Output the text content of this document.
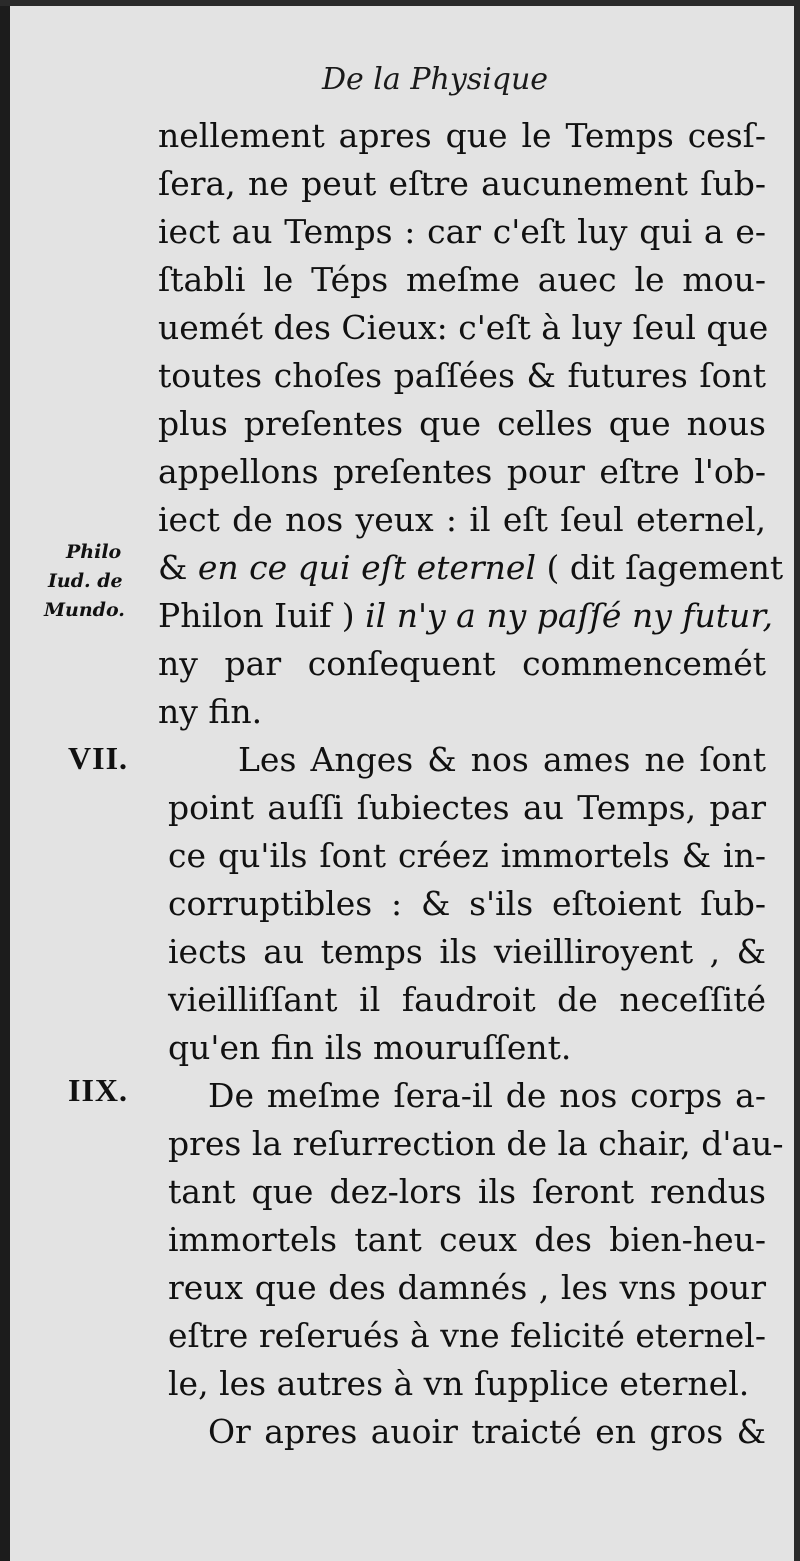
De la Physique
nellement apres que le Temps cesſ-
ſera, ne peut eſtre aucunement ſub-
iect au Temps : car c'eſt luy qui a e-
ſtabli le Téps meſme auec le mou-
uemét des Cieux: c'eſt à luy ſeul que
toutes choſes paſſées & futures ſont
plus preſentes que celles que nous
appellons preſentes pour eſtre l'ob-
iect de nos yeux : il eſt ſeul eternel,
& en ce qui eſt eternel ( dit ſagement
Philon Iuif ) il n'y a ny paſſé ny futur,
ny par conſequent commencemét
ny fin.
Philo
Iud. de
Mundo.
VII.	Les Anges & nos ames ne ſont
point auſſi ſubiectes au Temps, par
ce qu'ils ſont créez immortels & in-
corruptibles : & s'ils eſtoient ſub-
iects au temps ils vieilliroyent , &
vieilliſſant il faudroit de neceſſité
qu'en fin ils mouruſſent.
IIX.	De meſme ſera-il de nos corps a-
pres la reſurrection de la chair, d'au-
tant que dez-lors ils ſeront rendus
immortels tant ceux des bien-heu-
reux que des damnés , les vns pour
eſtre reſerués à vne felicité eternel-
le, les autres à vn ſupplice eternel.
Or apres auoir traicté en gros &
